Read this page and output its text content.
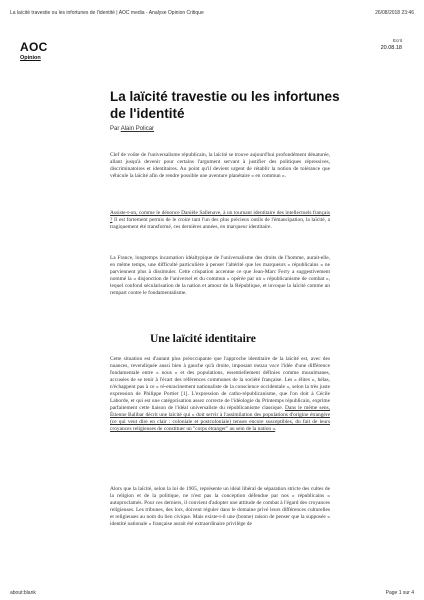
La laïcité travestie ou les infortunes de l'identité | AOC media - Analyse Opinion Critique	26/08/2018 23:46
AOC
Opinion
Ecrit
20.08.18
La laïcité travestie ou les infortunes de l'identité
Par Alain Policar

Clef de voûte de l'universalisme républicain, la laïcité se trouve aujourd'hui profondément dénaturée, allant jusqu'à devenir pour certains l'argument servant à justifier des politiques répressives, discriminatoires et identitaires. Au point qu'il devient urgent de rétablir la notion de tolérance que véhicule la laïcité afin de rendre possible une aventure planétaire « en commun ».

Assiste-t-on, comme le dénonce Danièle Sallenave, à un tournant identitaire des intellectuels français ? Il est fortement permis de le croire tant l'un des plus précieux outils de l'émancipation, la laïcité, a tragiquement été transformé, ces dernières années, en marqueur identitaire.

La France, longtemps incarnation idéaltypique de l'universalisme des droits de l'homme, aurait-elle, en même temps, une difficulté particulière à penser l'altérité que les marqueurs « républicains » ne parviennent plus à dissimuler. Cette crispation accentue ce que Jean-Marc Ferry a suggestivement nommé la « disjonction de l'universel et du commun » opérée par un « républicanisme de combat », lequel confond sécularisation de la nation et amour de la République, et invoque la laïcité comme un rempart contre le fondamentalisme.

Une laïcité identitaire

Cette situation est d'autant plus préoccupante que l'approche identitaire de la laïcité est, avec des nuances, revendiquée aussi bien à gauche qu'à droite, imposant mezza voce l'idée d'une différence fondamentale entre « nous » et des populations, essentiellement définies comme musulmanes, accusées de se tenir à l'écart des références communes de la société française. Les « élites », hélas, n'échappent pas à ce « ré-enracinement nationaliste de la conscience occidentale », selon la très juste expression de Philippe Portier [1]. L'expression de catho-républicanisme, que l'on doit à Cécile Laborde, et qui est une catégorisation assez correcte de l'idéologie du Printemps républicain, exprime parfaitement cette liaison de l'idéal universaliste du républicanisme classique. Dans le même sens, Étienne Balibar décrit une laïcité qui « doit servir à l'assimilation des populations d'origine étrangère (ce qui veut dire en clair : coloniale et postcoloniale) tenues encore susceptibles, du fait de leurs croyances religieuses de constituer un "corps étranger" au sein de la nation ».

Alors que la laïcité, selon la loi de 1905, représente un idéal libéral de séparation stricte des cultes de la religion et de la politique, ne n'est pas la conception défendue par nos « républicains » autoproclamés. Pour ces derniers, il convient d'adopter une attitude de combat à l'égard des croyances religieuses. Les tribunes, des lors, doivent réguler dans le domaine privé leurs différences culturelles et religieuses au nom du lien civique. Mais existe-t-il une (bonne) raison de penser que la supposée « identité nationale » française aurait été extraordinaire privilège de

about:blank	Page 1 sur 4
